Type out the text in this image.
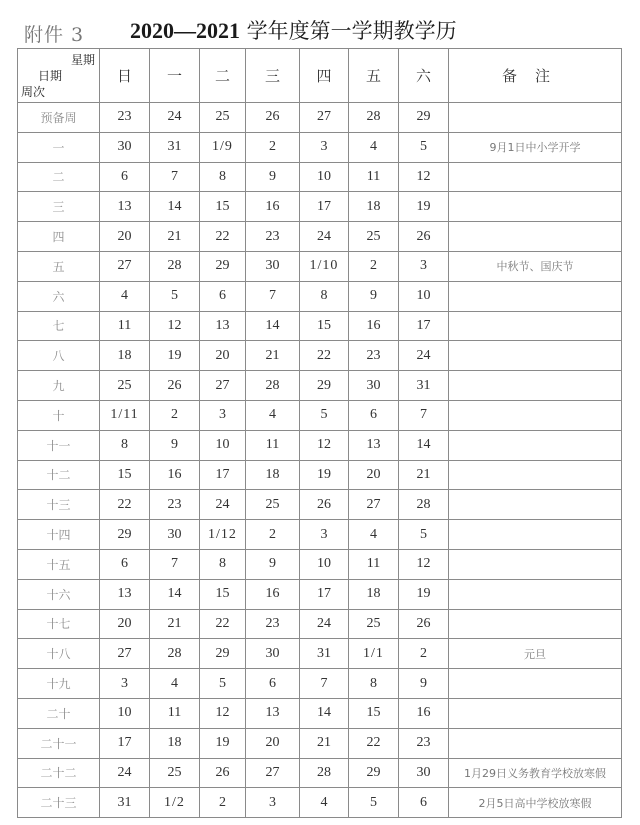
附件 3 2020—2021 学年度第一学期教学历
星期
日期
周次	日	一	二	三	四	五	六	备注
预备周	23	24	25	26	27	28	29	
一	30	31	1/9	2	3	4	5	9月1日中小学开学
二	6	7	8	9	10	11	12	
三	13	14	15	16	17	18	19	
四	20	21	22	23	24	25	26	
五	27	28	29	30	1/10	2	3	中秋节、国庆节
六	4	5	6	7	8	9	10	
七	11	12	13	14	15	16	17	
八	18	19	20	21	22	23	24	
九	25	26	27	28	29	30	31	
十	1/11	2	3	4	5	6	7	
十一	8	9	10	11	12	13	14	
十二	15	16	17	18	19	20	21	
十三	22	23	24	25	26	27	28	
十四	29	30	1/12	2	3	4	5	
十五	6	7	8	9	10	11	12	
十六	13	14	15	16	17	18	19	
十七	20	21	22	23	24	25	26	
十八	27	28	29	30	31	1/1	2	元旦
十九	3	4	5	6	7	8	9	
二十	10	11	12	13	14	15	16	
二十一	17	18	19	20	21	22	23	
二十二	24	25	26	27	28	29	30	1月29日义务教育学校放寒假
二十三	31	1/2	2	3	4	5	6	2月5日高中学校放寒假
